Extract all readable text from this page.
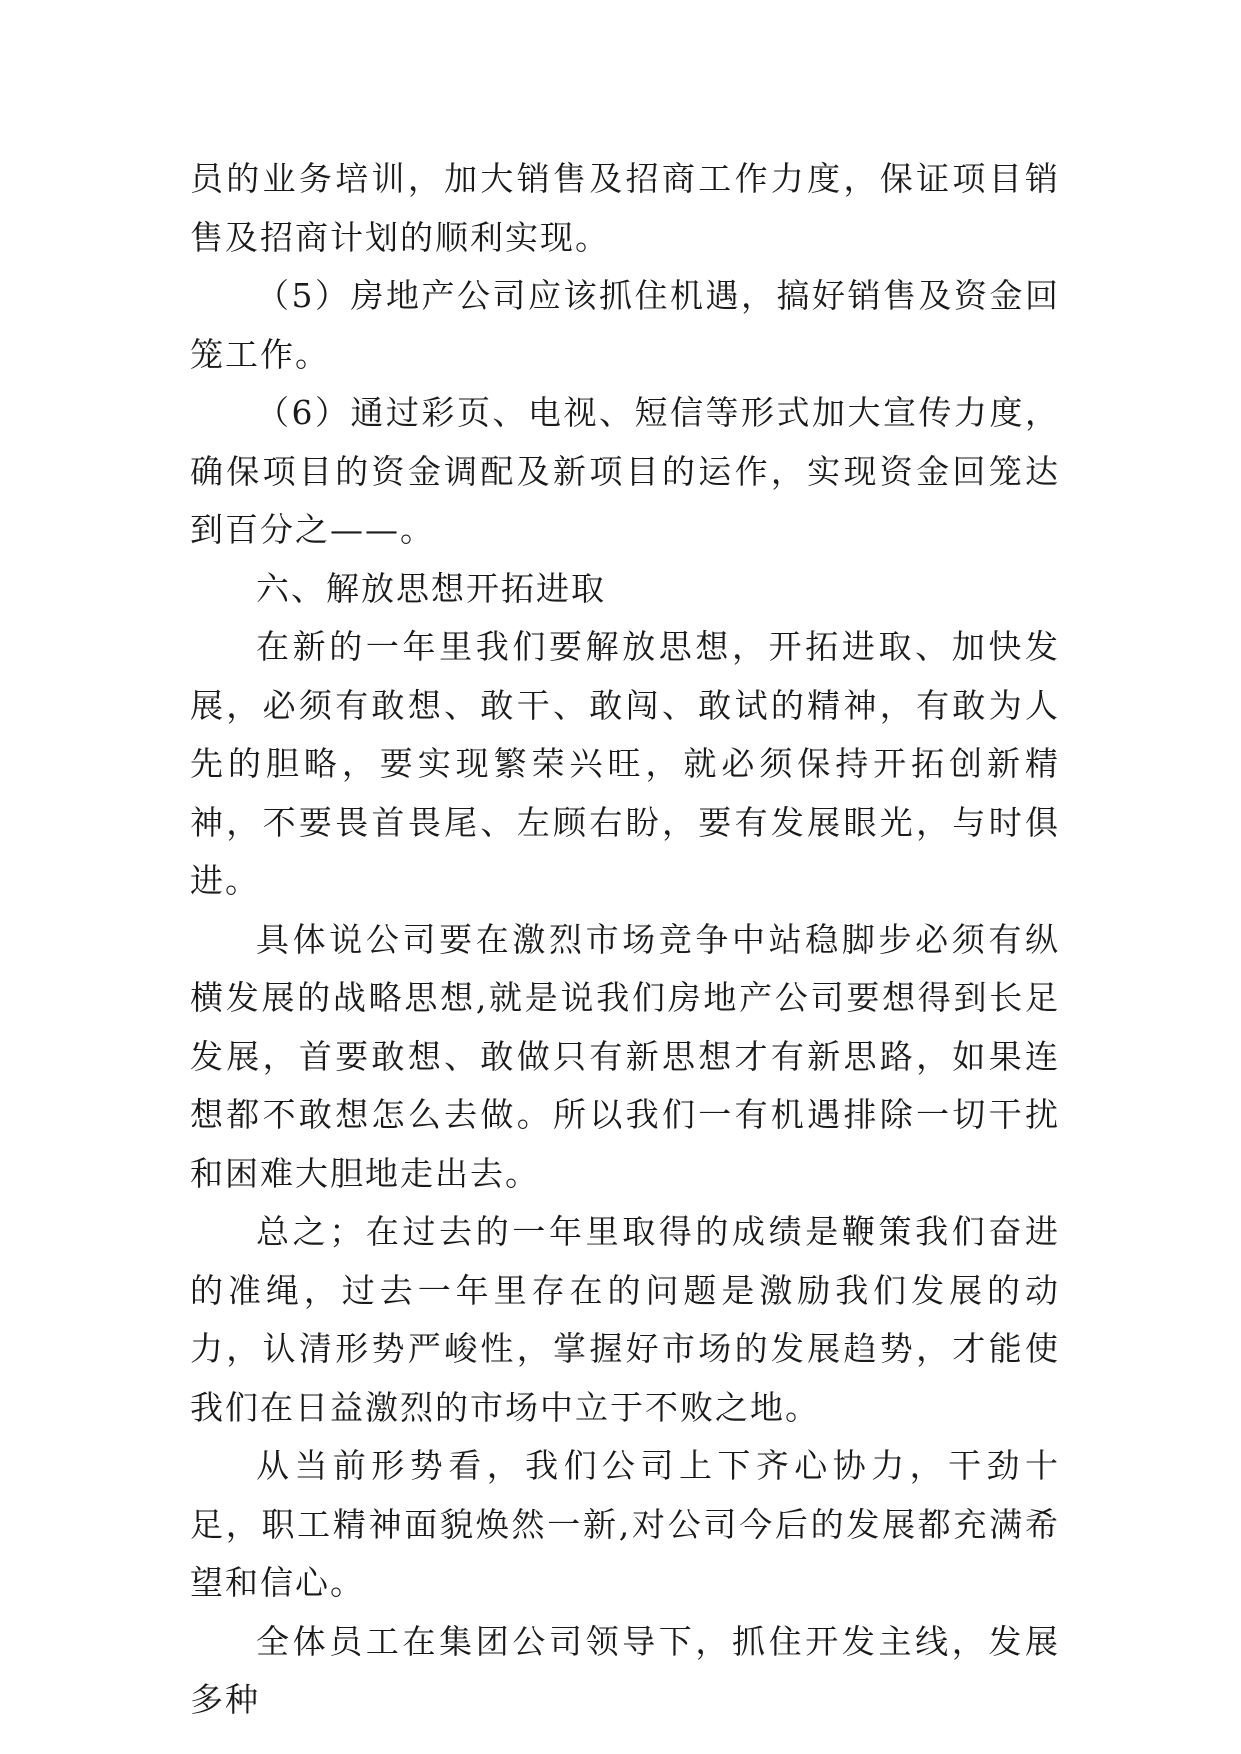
员的业务培训，加大销售及招商工作力度，保证项目销售及招商计划的顺利实现。

（5）房地产公司应该抓住机遇，搞好销售及资金回笼工作。

（6）通过彩页、电视、短信等形式加大宣传力度，确保项目的资金调配及新项目的运作，实现资金回笼达到百分之——。

六、解放思想开拓进取

在新的一年里我们要解放思想，开拓进取、加快发展，必须有敢想、敢干、敢闯、敢试的精神，有敢为人先的胆略，要实现繁荣兴旺，就必须保持开拓创新精神，不要畏首畏尾、左顾右盼，要有发展眼光，与时俱进。

具体说公司要在激烈市场竞争中站稳脚步必须有纵横发展的战略思想,就是说我们房地产公司要想得到长足发展，首要敢想、敢做只有新思想才有新思路，如果连想都不敢想怎么去做。所以我们一有机遇排除一切干扰和困难大胆地走出去。

总之；在过去的一年里取得的成绩是鞭策我们奋进的准绳，过去一年里存在的问题是激励我们发展的动力，认清形势严峻性，掌握好市场的发展趋势，才能使我们在日益激烈的市场中立于不败之地。

从当前形势看，我们公司上下齐心协力，干劲十足，职工精神面貌焕然一新,对公司今后的发展都充满希望和信心。

全体员工在集团公司领导下，抓住开发主线，发展多种
